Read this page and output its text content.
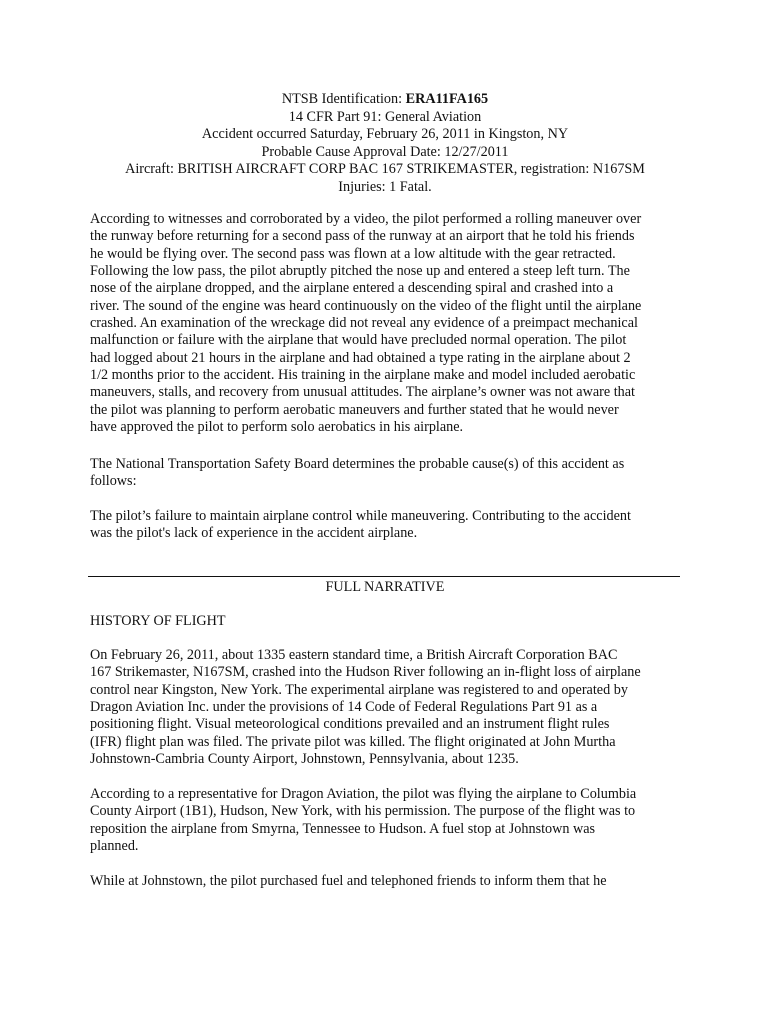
NTSB Identification: ERA11FA165
14 CFR Part 91: General Aviation
Accident occurred Saturday, February 26, 2011 in Kingston, NY
Probable Cause Approval Date: 12/27/2011
Aircraft: BRITISH AIRCRAFT CORP BAC 167 STRIKEMASTER, registration: N167SM
Injuries: 1 Fatal.
According to witnesses and corroborated by a video, the pilot performed a rolling maneuver over
the runway before returning for a second pass of the runway at an airport that he told his friends
he would be flying over. The second pass was flown at a low altitude with the gear retracted.
Following the low pass, the pilot abruptly pitched the nose up and entered a steep left turn. The
nose of the airplane dropped, and the airplane entered a descending spiral and crashed into a
river. The sound of the engine was heard continuously on the video of the flight until the airplane
crashed. An examination of the wreckage did not reveal any evidence of a preimpact mechanical
malfunction or failure with the airplane that would have precluded normal operation. The pilot
had logged about 21 hours in the airplane and had obtained a type rating in the airplane about 2
1/2 months prior to the accident. His training in the airplane make and model included aerobatic
maneuvers, stalls, and recovery from unusual attitudes. The airplane’s owner was not aware that
the pilot was planning to perform aerobatic maneuvers and further stated that he would never
have approved the pilot to perform solo aerobatics in his airplane.
The National Transportation Safety Board determines the probable cause(s) of this accident as
follows:
The pilot’s failure to maintain airplane control while maneuvering. Contributing to the accident
was the pilot's lack of experience in the accident airplane.
FULL NARRATIVE
HISTORY OF FLIGHT
On February 26, 2011, about 1335 eastern standard time, a British Aircraft Corporation BAC
167 Strikemaster, N167SM, crashed into the Hudson River following an in-flight loss of airplane
control near Kingston, New York. The experimental airplane was registered to and operated by
Dragon Aviation Inc. under the provisions of 14 Code of Federal Regulations Part 91 as a
positioning flight. Visual meteorological conditions prevailed and an instrument flight rules
(IFR) flight plan was filed. The private pilot was killed. The flight originated at John Murtha
Johnstown-Cambria County Airport, Johnstown, Pennsylvania, about 1235.
According to a representative for Dragon Aviation, the pilot was flying the airplane to Columbia
County Airport (1B1), Hudson, New York, with his permission. The purpose of the flight was to
reposition the airplane from Smyrna, Tennessee to Hudson. A fuel stop at Johnstown was
planned.
While at Johnstown, the pilot purchased fuel and telephoned friends to inform them that he
